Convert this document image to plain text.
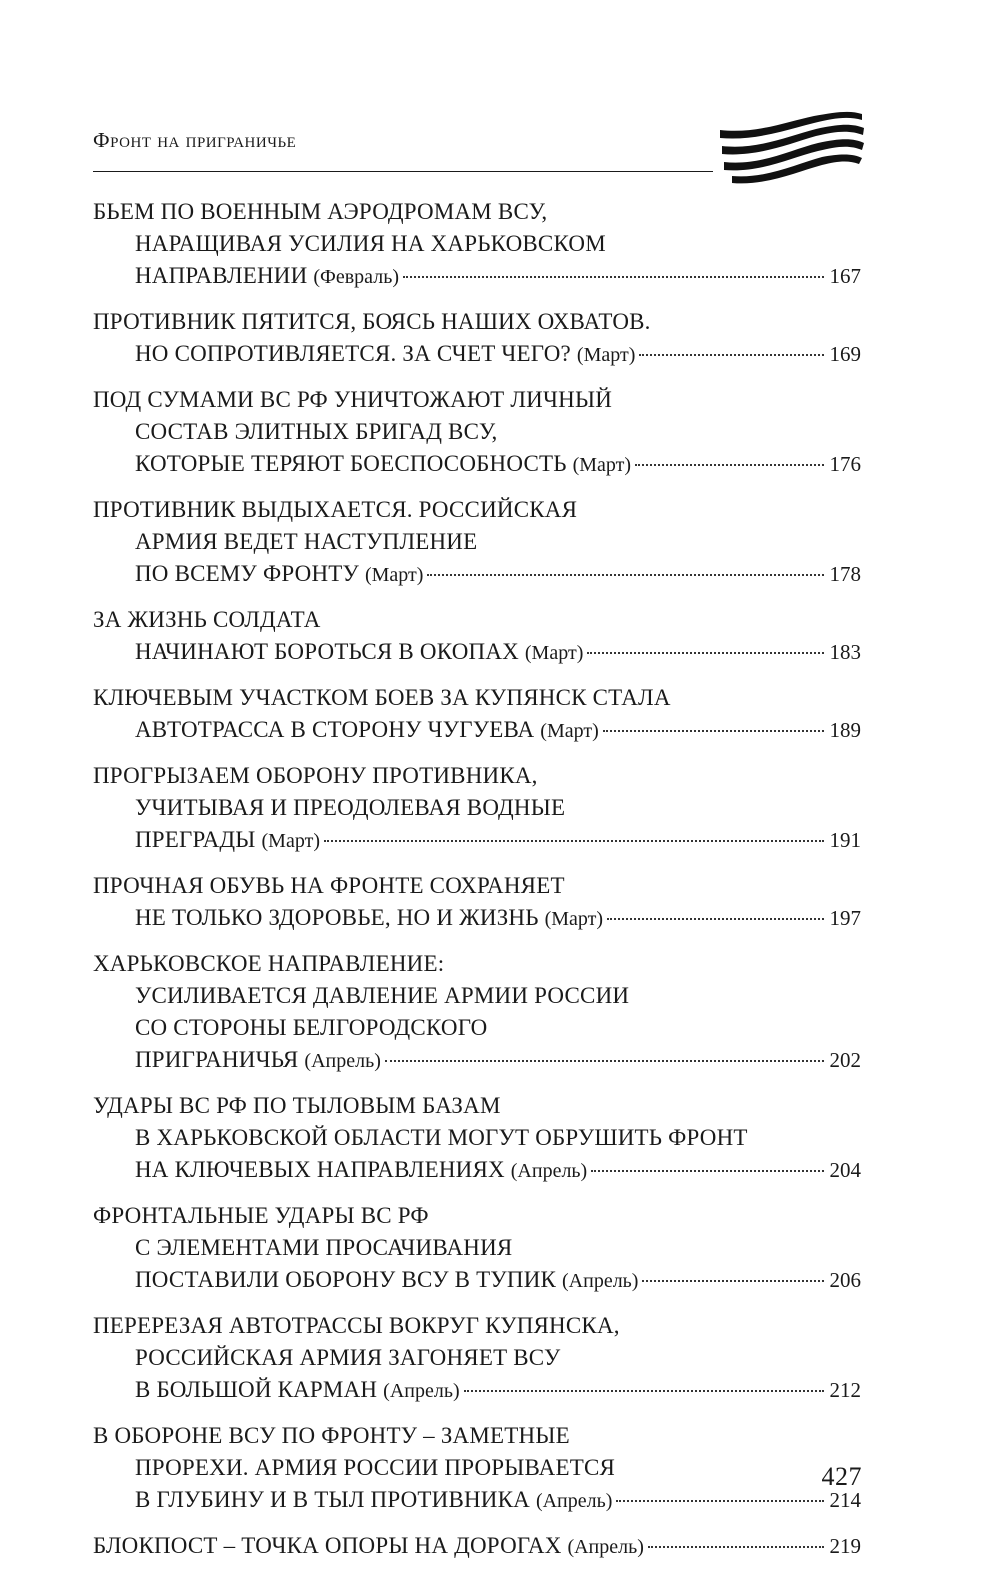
Фронт на приграничье
БЬЕМ ПО ВОЕННЫМ АЭРОДРОМАМ ВСУ,
НАРАЩИВАЯ УСИЛИЯ НА ХАРЬКОВСКОМ
НАПРАВЛЕНИИ (Февраль)	167
ПРОТИВНИК ПЯТИТСЯ, БОЯСЬ НАШИХ ОХВАТОВ.
НО СОПРОТИВЛЯЕТСЯ. ЗА СЧЕТ ЧЕГО? (Март)	169
ПОД СУМАМИ ВС РФ УНИЧТОЖАЮТ ЛИЧНЫЙ
СОСТАВ ЭЛИТНЫХ БРИГАД ВСУ,
КОТОРЫЕ ТЕРЯЮТ БОЕСПОСОБНОСТЬ (Март)	176
ПРОТИВНИК ВЫДЫХАЕТСЯ. РОССИЙСКАЯ
АРМИЯ ВЕДЕТ НАСТУПЛЕНИЕ
ПО ВСЕМУ ФРОНТУ (Март)	178
ЗА ЖИЗНЬ СОЛДАТА
НАЧИНАЮТ БОРОТЬСЯ В ОКОПАХ (Март)	183
КЛЮЧЕВЫМ УЧАСТКОМ БОЕВ ЗА КУПЯНСК СТАЛА
АВТОТРАССА В СТОРОНУ ЧУГУЕВА (Март)	189
ПРОГРЫЗАЕМ ОБОРОНУ ПРОТИВНИКА,
УЧИТЫВАЯ И ПРЕОДОЛЕВАЯ ВОДНЫЕ
ПРЕГРАДЫ (Март)	191
ПРОЧНАЯ ОБУВЬ НА ФРОНТЕ СОХРАНЯЕТ
НЕ ТОЛЬКО ЗДОРОВЬЕ, НО И ЖИЗНЬ (Март)	197
ХАРЬКОВСКОЕ НАПРАВЛЕНИЕ:
УСИЛИВАЕТСЯ ДАВЛЕНИЕ АРМИИ РОССИИ
СО СТОРОНЫ БЕЛГОРОДСКОГО
ПРИГРАНИЧЬЯ (Апрель)	202
УДАРЫ ВС РФ ПО ТЫЛОВЫМ БАЗАМ
В ХАРЬКОВСКОЙ ОБЛАСТИ МОГУТ ОБРУШИТЬ ФРОНТ
НА КЛЮЧЕВЫХ НАПРАВЛЕНИЯХ (Апрель)	204
ФРОНТАЛЬНЫЕ УДАРЫ ВС РФ
С ЭЛЕМЕНТАМИ ПРОСАЧИВАНИЯ
ПОСТАВИЛИ ОБОРОНУ ВСУ В ТУПИК (Апрель)	206
ПЕРЕРЕЗАЯ АВТОТРАССЫ ВОКРУГ КУПЯНСКА,
РОССИЙСКАЯ АРМИЯ ЗАГОНЯЕТ ВСУ
В БОЛЬШОЙ КАРМАН (Апрель)	212
В ОБОРОНЕ ВСУ ПО ФРОНТУ – ЗАМЕТНЫЕ
ПРОРЕХИ. АРМИЯ РОССИИ ПРОРЫВАЕТСЯ
В ГЛУБИНУ И В ТЫЛ ПРОТИВНИКА (Апрель)	214
БЛОКПОСТ – ТОЧКА ОПОРЫ НА ДОРОГАХ (Апрель)	219
427
